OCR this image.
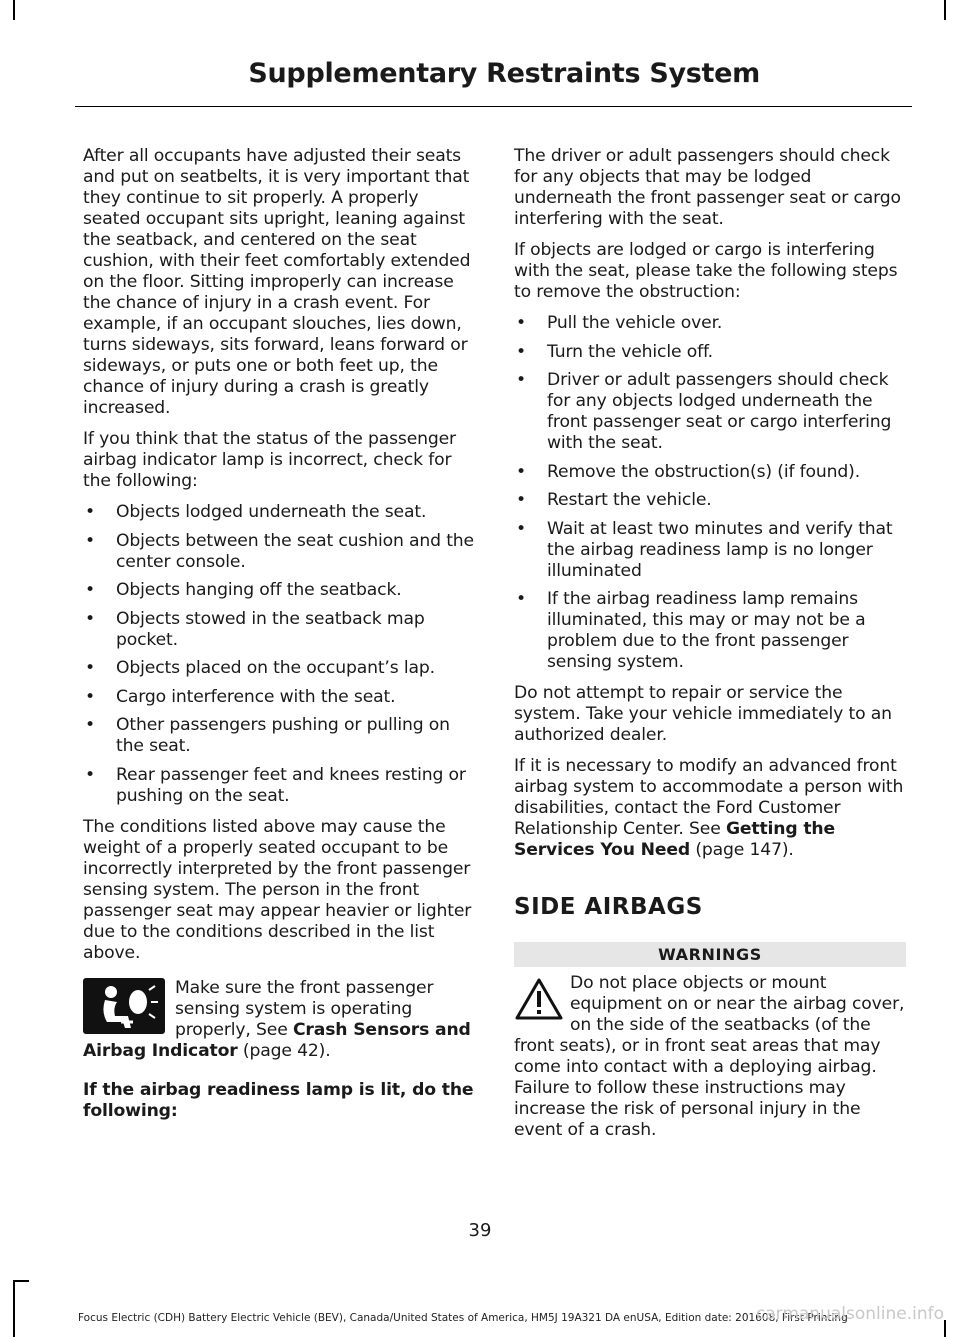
Supplementary Restraints System

After all occupants have adjusted their seats and put on seatbelts, it is very important that they continue to sit properly. A properly seated occupant sits upright, leaning against the seatback, and centered on the seat cushion, with their feet comfortably extended on the floor. Sitting improperly can increase the chance of injury in a crash event. For example, if an occupant slouches, lies down, turns sideways, sits forward, leans forward or sideways, or puts one or both feet up, the chance of injury during a crash is greatly increased.

If you think that the status of the passenger airbag indicator lamp is incorrect, check for the following:

• Objects lodged underneath the seat.
• Objects between the seat cushion and the center console.
• Objects hanging off the seatback.
• Objects stowed in the seatback map pocket.
• Objects placed on the occupant’s lap.
• Cargo interference with the seat.
• Other passengers pushing or pulling on the seat.
• Rear passenger feet and knees resting or pushing on the seat.

The conditions listed above may cause the weight of a properly seated occupant to be incorrectly interpreted by the front passenger sensing system. The person in the front passenger seat may appear heavier or lighter due to the conditions described in the list above.

Make sure the front passenger sensing system is operating properly, See Crash Sensors and Airbag Indicator (page 42).

If the airbag readiness lamp is lit, do the following:

The driver or adult passengers should check for any objects that may be lodged underneath the front passenger seat or cargo interfering with the seat.

If objects are lodged or cargo is interfering with the seat, please take the following steps to remove the obstruction:

• Pull the vehicle over.
• Turn the vehicle off.
• Driver or adult passengers should check for any objects lodged underneath the front passenger seat or cargo interfering with the seat.
• Remove the obstruction(s) (if found).
• Restart the vehicle.
• Wait at least two minutes and verify that the airbag readiness lamp is no longer illuminated
• If the airbag readiness lamp remains illuminated, this may or may not be a problem due to the front passenger sensing system.

Do not attempt to repair or service the system. Take your vehicle immediately to an authorized dealer.

If it is necessary to modify an advanced front airbag system to accommodate a person with disabilities, contact the Ford Customer Relationship Center. See Getting the Services You Need (page 147).

SIDE AIRBAGS

WARNINGS

Do not place objects or mount equipment on or near the airbag cover, on the side of the seatbacks (of the front seats), or in front seat areas that may come into contact with a deploying airbag. Failure to follow these instructions may increase the risk of personal injury in the event of a crash.

39
Focus Electric (CDH) Battery Electric Vehicle (BEV), Canada/United States of America, HM5J 19A321 DA enUSA, Edition date: 201608, First Printing
carmanualsonline.info
